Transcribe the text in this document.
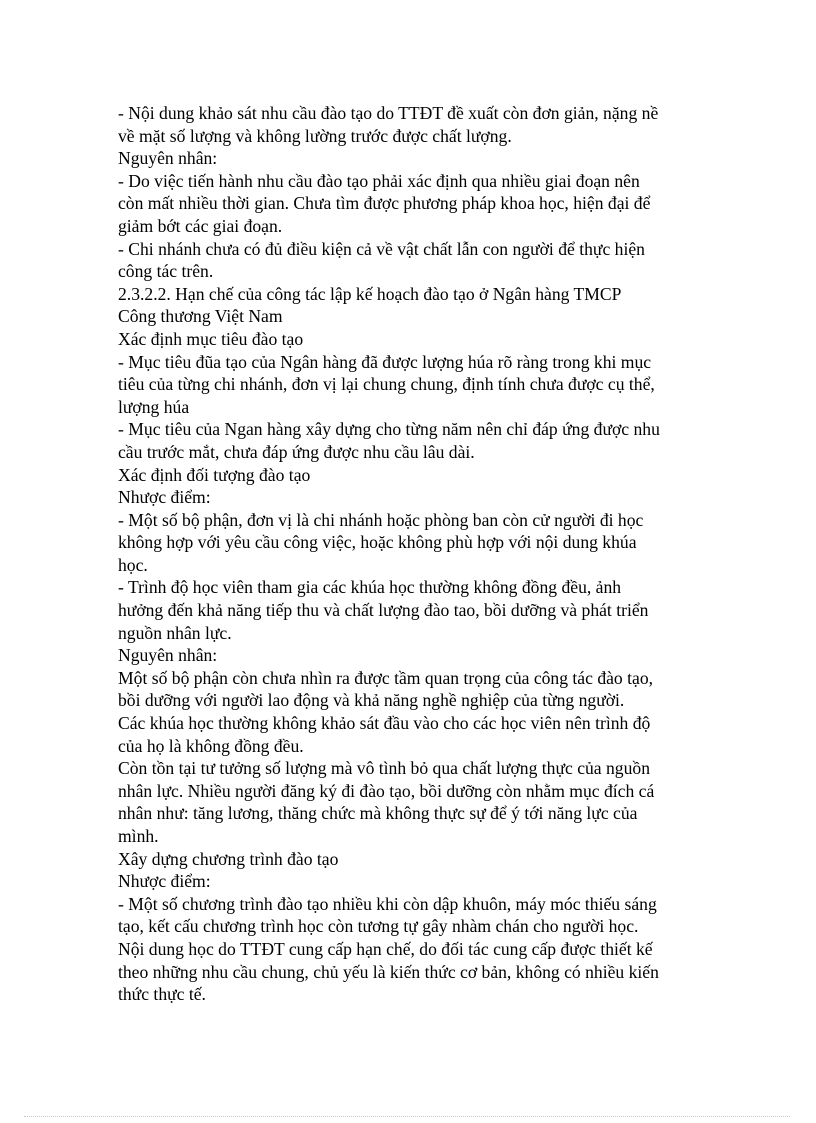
- Nội dung khảo sát nhu cầu đào tạo do TTĐT đề xuất còn đơn giản, nặng nề
về mặt số lượng và không lường trước được chất lượng.
Nguyên nhân:
- Do việc tiến hành nhu cầu đào tạo phải xác định qua nhiều giai đoạn nên
còn mất nhiều thời gian. Chưa tìm được phương pháp khoa học, hiện đại để
giảm bớt các giai đoạn.
- Chi nhánh chưa có đủ điều kiện cả về vật chất lẫn con người để thực hiện
công tác trên.
2.3.2.2. Hạn chế của công tác lập kế hoạch đào tạo ở Ngân hàng TMCP
Công thương Việt Nam
Xác định mục tiêu đào tạo
- Mục tiêu đũa tạo của Ngân hàng đã được lượng húa rõ ràng trong khi mục
tiêu của từng chi nhánh, đơn vị lại chung chung, định tính chưa được cụ thể,
lượng húa
- Mục tiêu của Ngan hàng xây dựng cho từng năm nên chỉ đáp ứng được nhu
cầu trước mắt, chưa đáp ứng được nhu cầu lâu dài.
Xác định đối tượng đào tạo
Nhược điểm:
- Một số bộ phận, đơn vị là chi nhánh hoặc phòng ban còn cử người đi học
không hợp với yêu cầu công việc, hoặc không phù hợp với nội dung khúa
học.
- Trình độ học viên tham gia các khúa học thường không đồng đều, ảnh
hưởng đến khả năng tiếp thu và chất lượng đào tao, bồi dưỡng và phát triển
nguồn nhân lực.
Nguyên nhân:
Một số bộ phận còn chưa nhìn ra được tầm quan trọng của công tác đào tạo,
bồi dưỡng với người lao động và khả năng nghề nghiệp của từng người.
Các khúa học thường không khảo sát đầu vào cho các học viên nên trình độ
của họ là không đồng đều.
Còn tồn tại tư tưởng số lượng mà vô tình bỏ qua chất lượng thực của nguồn
nhân lực. Nhiều người đăng ký đi đào tạo, bồi dưỡng còn nhằm mục đích cá
nhân như: tăng lương, thăng chức mà không thực sự để ý tới năng lực của
mình.
Xây dựng chương trình đào tạo
Nhược điểm:
- Một số chương trình đào tạo nhiều khi còn dập khuôn, máy móc thiếu sáng
tạo, kết cấu chương trình học còn tương tự gây nhàm chán cho người học.
Nội dung học do TTĐT cung cấp hạn chế, do đối tác cung cấp được thiết kế
theo những nhu cầu chung, chủ yếu là kiến thức cơ bản, không có nhiều kiến
thức thực tế.
